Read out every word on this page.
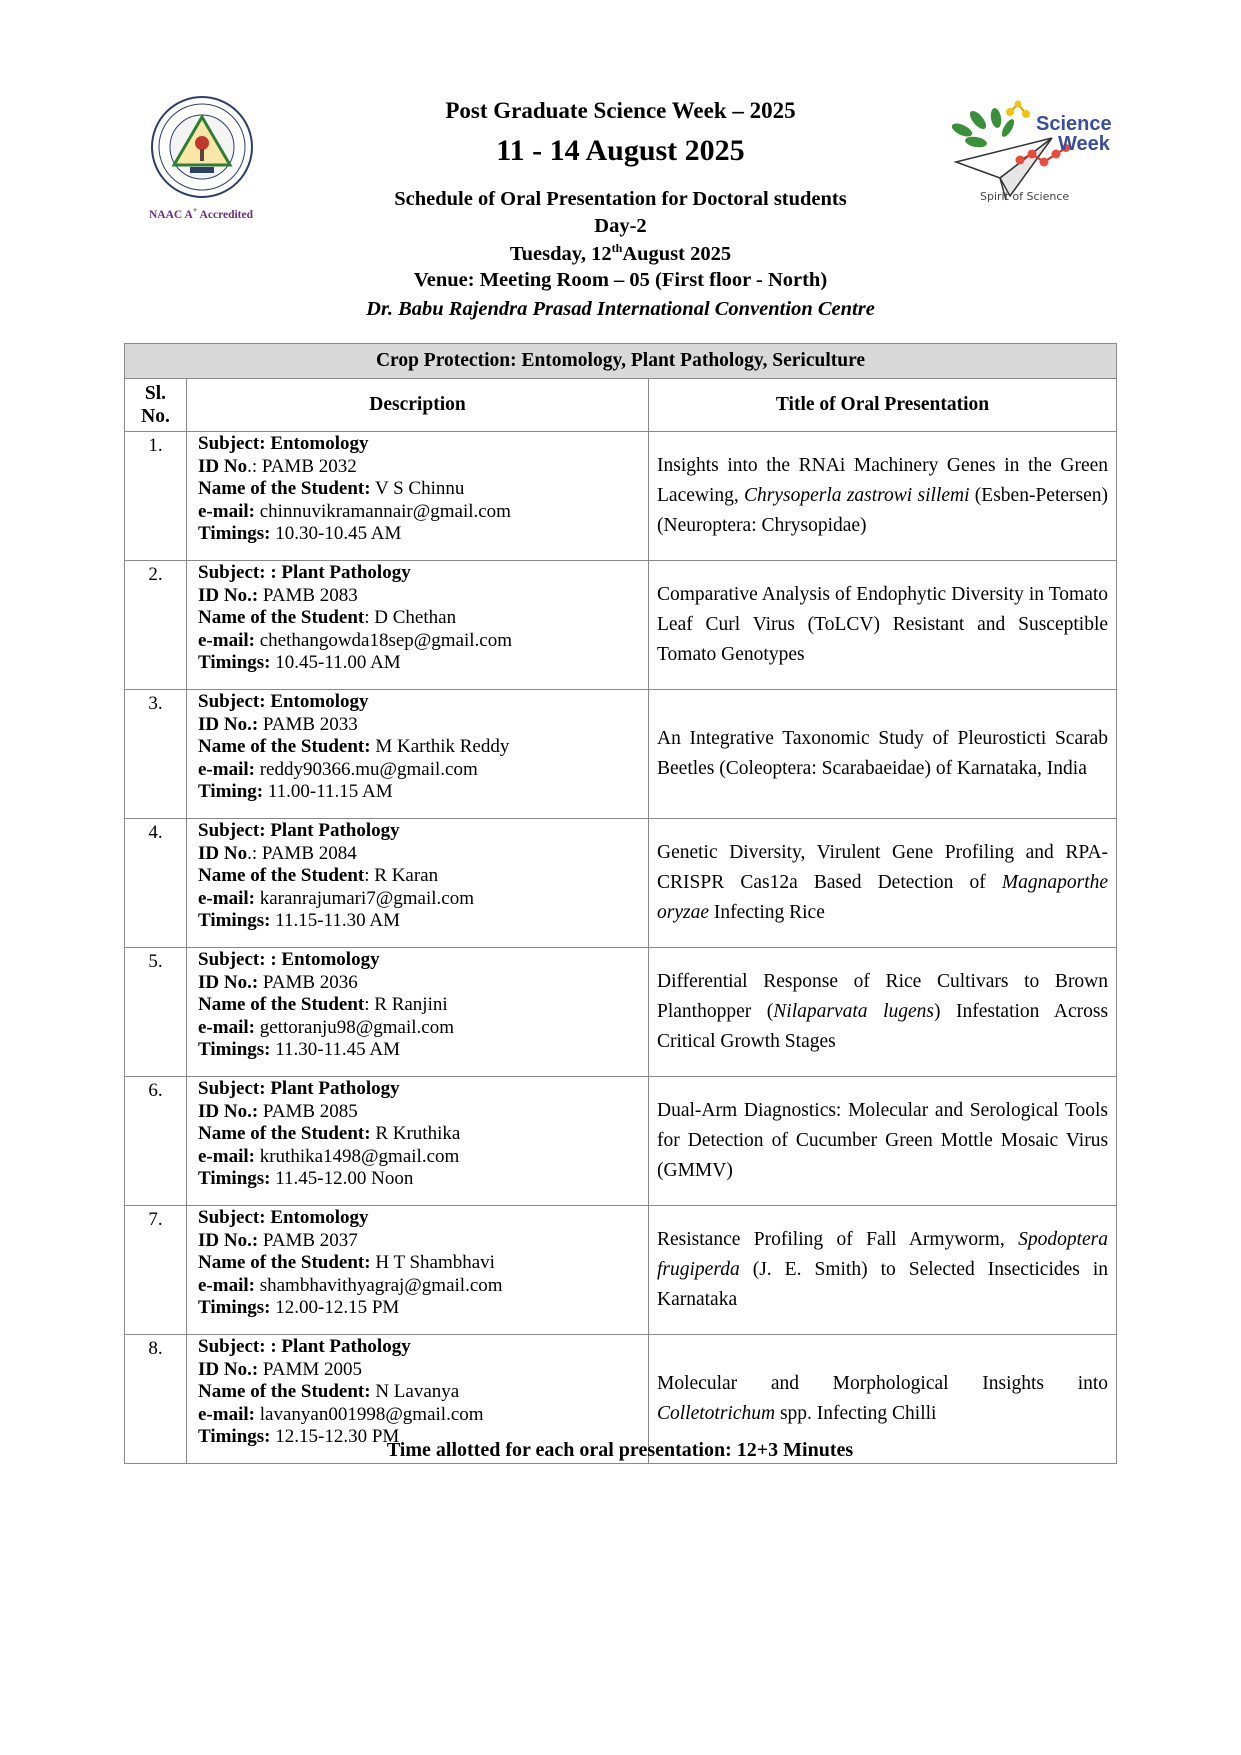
NAAC A+ Accredited
Science
Week
Spirit of Science
Post Graduate Science Week – 2025
11 - 14 August 2025
Schedule of Oral Presentation for Doctoral students
Day-2
Tuesday, 12thAugust 2025
Venue: Meeting Room – 05 (First floor - North)
Dr. Babu Rajendra Prasad International Convention Centre
Crop Protection: Entomology, Plant Pathology, Sericulture		
Sl.
No.	Description	Title of Oral Presentation
1.	Subject: Entomology
ID No.: PAMB 2032
Name of the Student: V S Chinnu
e-mail: chinnuvikramannair@gmail.com
Timings: 10.30-10.45 AM	Insights into the RNAi Machinery Genes in the Green Lacewing, Chrysoperla zastrowi sillemi (Esben-Petersen) (Neuroptera: Chrysopidae)
2.	Subject: : Plant Pathology
ID No.: PAMB 2083
Name of the Student: D Chethan
e-mail: chethangowda18sep@gmail.com
Timings: 10.45-11.00 AM	Comparative Analysis of Endophytic Diversity in Tomato Leaf Curl Virus (ToLCV) Resistant and Susceptible Tomato Genotypes
3.	Subject: Entomology
ID No.: PAMB 2033
Name of the Student: M Karthik Reddy
e-mail: reddy90366.mu@gmail.com
Timing: 11.00-11.15 AM	An Integrative Taxonomic Study of Pleurosticti Scarab Beetles (Coleoptera: Scarabaeidae) of Karnataka, India
4.	Subject: Plant Pathology
ID No.: PAMB 2084
Name of the Student: R Karan
e-mail: karanrajumari7@gmail.com
Timings: 11.15-11.30 AM	Genetic Diversity, Virulent Gene Profiling and RPA-CRISPR Cas12a Based Detection of Magnaporthe oryzae Infecting Rice
5.	Subject: : Entomology
ID No.: PAMB 2036
Name of the Student: R Ranjini
e-mail: gettoranju98@gmail.com
Timings: 11.30-11.45 AM	Differential Response of Rice Cultivars to Brown Planthopper (Nilaparvata lugens) Infestation Across Critical Growth Stages
6.	Subject: Plant Pathology
ID No.: PAMB 2085
Name of the Student: R Kruthika
e-mail: kruthika1498@gmail.com
Timings: 11.45-12.00 Noon	Dual-Arm Diagnostics: Molecular and Serological Tools for Detection of Cucumber Green Mottle Mosaic Virus (GMMV)
7.	Subject: Entomology
ID No.: PAMB 2037
Name of the Student: H T Shambhavi
e-mail: shambhavithyagraj@gmail.com
Timings: 12.00-12.15 PM	Resistance Profiling of Fall Armyworm, Spodoptera frugiperda (J. E. Smith) to Selected Insecticides in Karnataka
8.	Subject: : Plant Pathology
ID No.: PAMM 2005
Name of the Student: N Lavanya
e-mail: lavanyan001998@gmail.com
Timings: 12.15-12.30 PM	Molecular and Morphological Insights into Colletotrichum spp. Infecting Chilli
Time allotted for each oral presentation: 12+3 Minutes
